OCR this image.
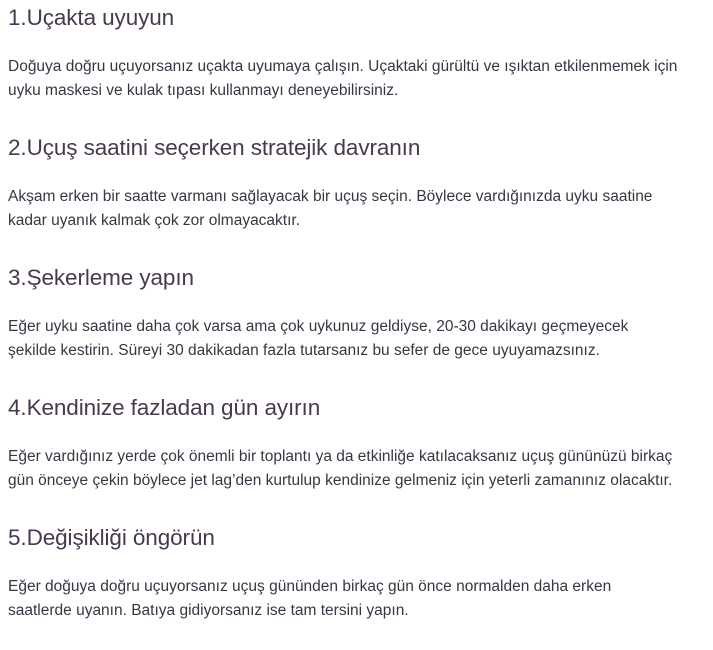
1.Uçakta uyuyun

Doğuya doğru uçuyorsanız uçakta uyumaya çalışın. Uçaktaki gürültü ve ışıktan etkilenmemek için uyku maskesi ve kulak tıpası kullanmayı deneyebilirsiniz.

2.Uçuş saatini seçerken stratejik davranın

Akşam erken bir saatte varmanı sağlayacak bir uçuş seçin. Böylece vardığınızda uyku saatine kadar uyanık kalmak çok zor olmayacaktır.

3.Şekerleme yapın

Eğer uyku saatine daha çok varsa ama çok uykunuz geldiyse, 20-30 dakikayı geçmeyecek şekilde kestirin. Süreyi 30 dakikadan fazla tutarsanız bu sefer de gece uyuyamazsınız.

4.Kendinize fazladan gün ayırın

Eğer vardığınız yerde çok önemli bir toplantı ya da etkinliğe katılacaksanız uçuş gününüzü birkaç gün önceye çekin böylece jet lag’den kurtulup kendinize gelmeniz için yeterli zamanınız olacaktır.

5.Değişikliği öngörün

Eğer doğuya doğru uçuyorsanız uçuş gününden birkaç gün önce normalden daha erken saatlerde uyanın. Batıya gidiyorsanız ise tam tersini yapın.
